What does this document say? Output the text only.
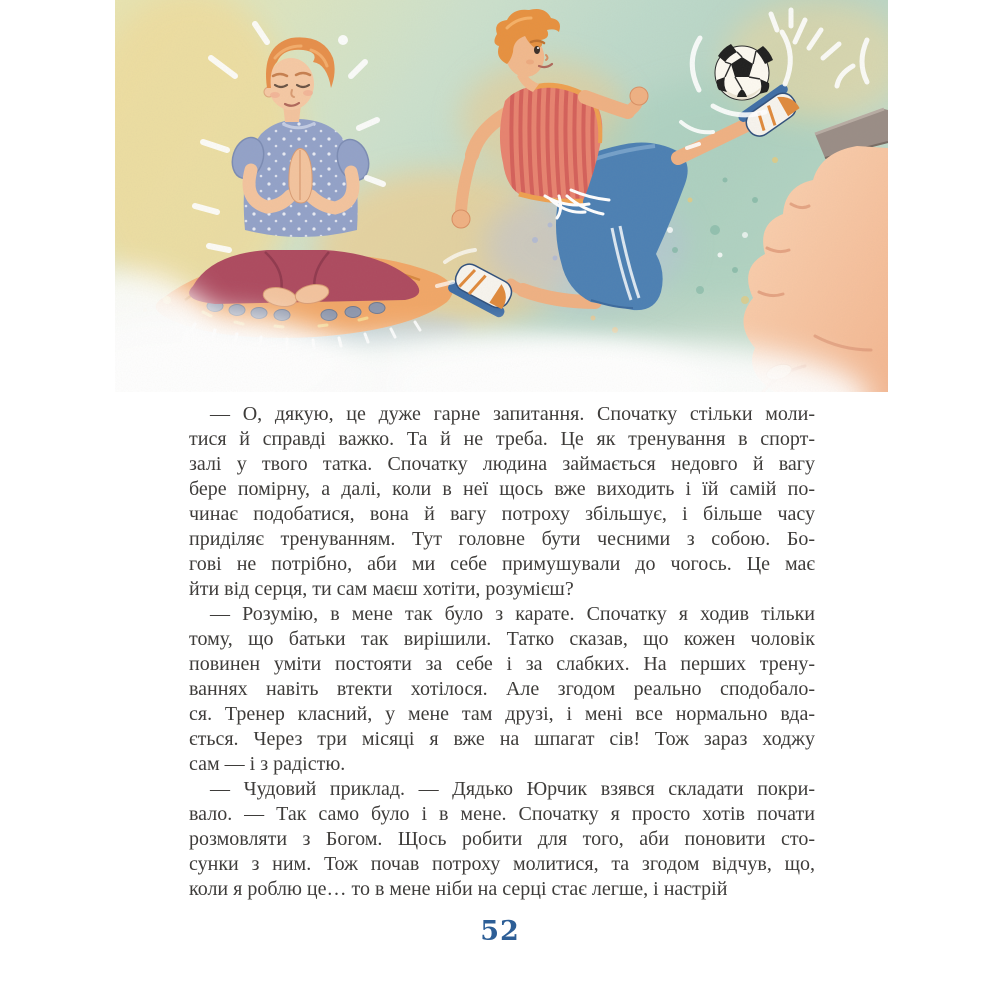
— О, дякую, це дуже гарне запитання. Спочатку стільки моли-
тися й справді важко. Та й не треба. Це як тренування в спорт-
залі у твого татка. Спочатку людина займається недовго й вагу
бере помірну, а далі, коли в неї щось вже виходить і їй самій по-
чинає подобатися, вона й вагу потроху збільшує, і більше часу
приділяє тренуванням. Тут головне бути чесними з собою. Бо-
гові не потрібно, аби ми себе примушували до чогось. Це має
йти від серця, ти сам маєш хотіти, розумієш?
— Розумію, в мене так було з карате. Спочатку я ходив тільки
тому, що батьки так вирішили. Татко сказав, що кожен чоловік
повинен уміти постояти за себе і за слабких. На перших трену-
ваннях навіть втекти хотілося. Але згодом реально сподобало-
ся. Тренер класний, у мене там друзі, і мені все нормально вда-
ється. Через три місяці я вже на шпагат сів! Тож зараз ходжу
сам — і з радістю.
— Чудовий приклад. — Дядько Юрчик взявся складати покри-
вало. — Так само було і в мене. Спочатку я просто хотів почати
розмовляти з Богом. Щось робити для того, аби поновити сто-
сунки з ним. Тож почав потроху молитися, та згодом відчув, що,
коли я роблю це… то в мене ніби на серці стає легше, і настрій
52
